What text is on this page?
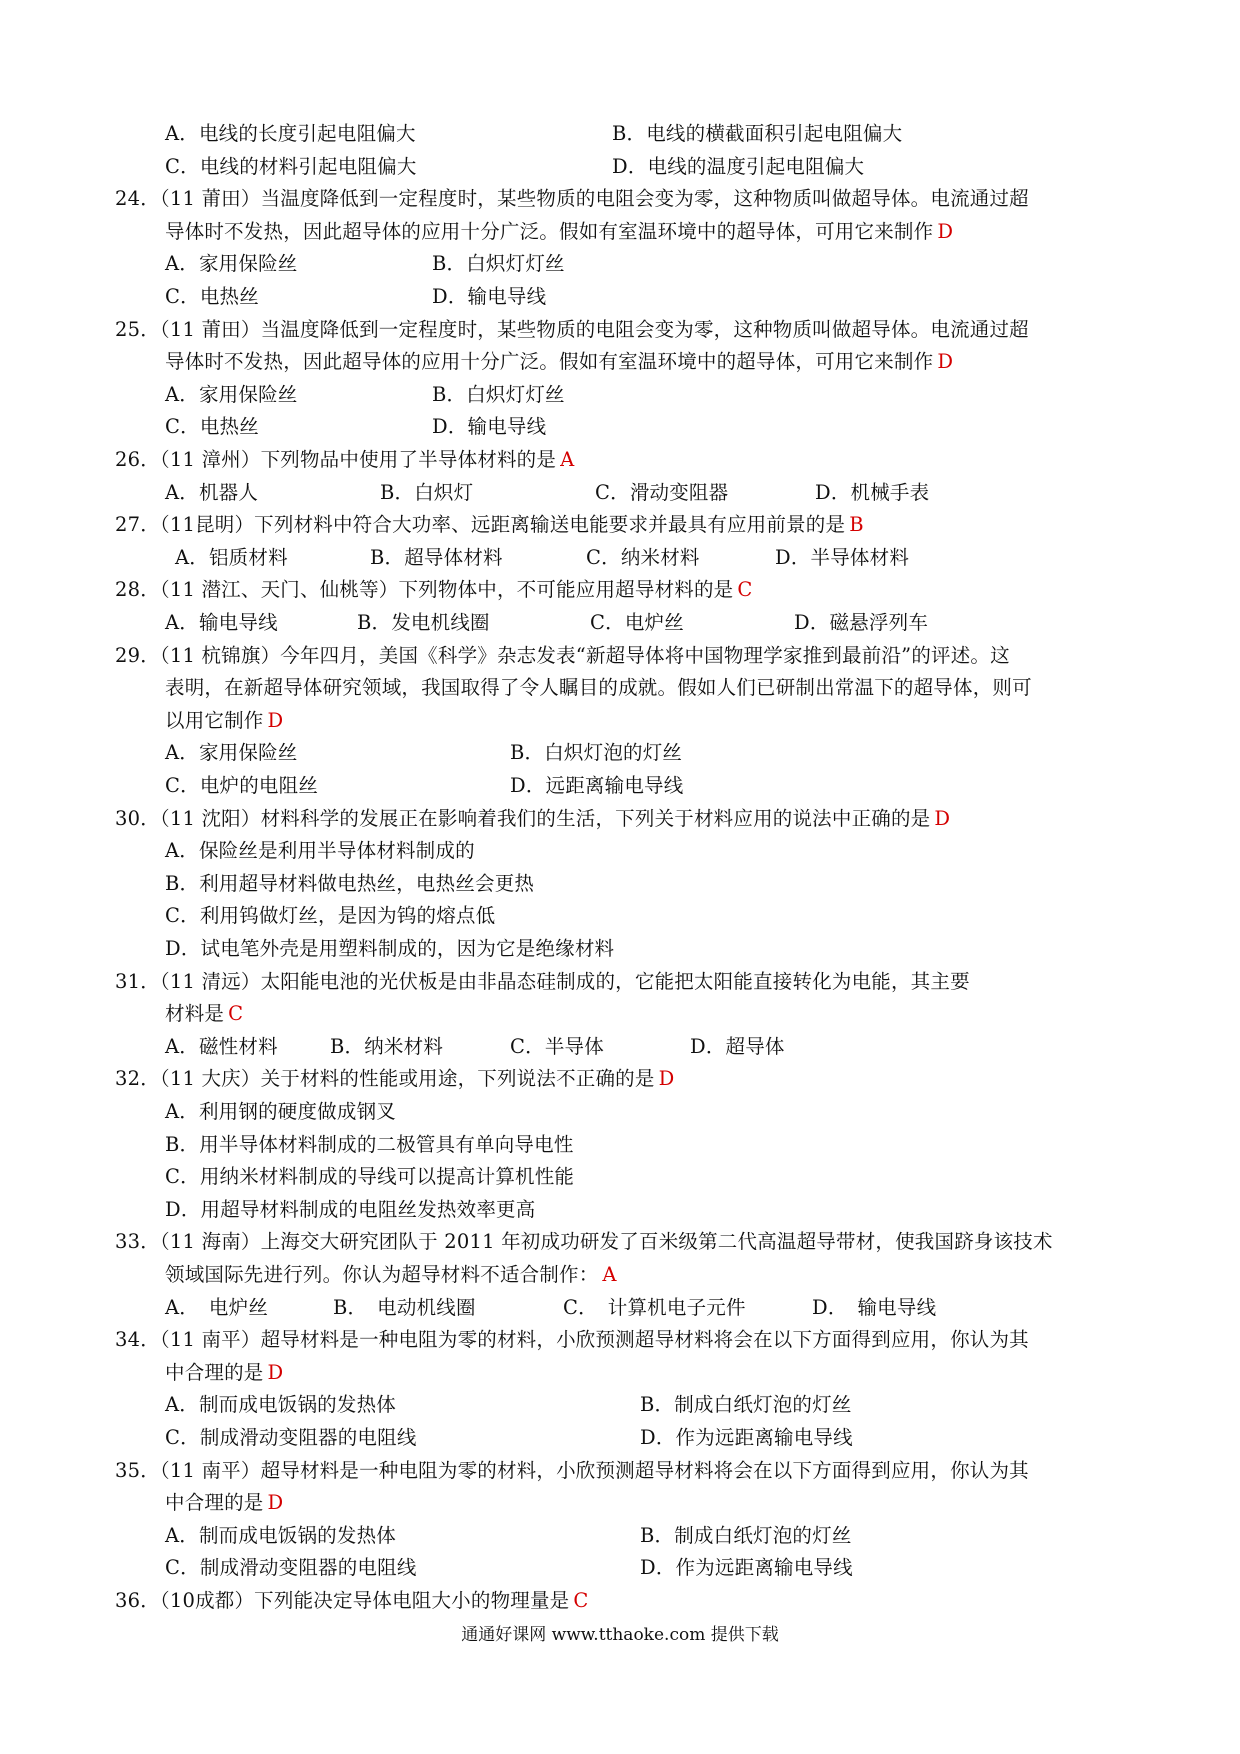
A．电线的长度引起电阻偏大	B．电线的横截面积引起电阻偏大
C．电线的材料引起电阻偏大	D．电线的温度引起电阻偏大
24．（11 莆田）当温度降低到一定程度时，某些物质的电阻会变为零，这种物质叫做超导体。电流通过超
导体时不发热，因此超导体的应用十分广泛。假如有室温环境中的超导体，可用它来制作 D
A．家用保险丝	B．白炽灯灯丝
C．电热丝	D．输电导线
25．（11 莆田）当温度降低到一定程度时，某些物质的电阻会变为零，这种物质叫做超导体。电流通过超
导体时不发热，因此超导体的应用十分广泛。假如有室温环境中的超导体，可用它来制作 D
A．家用保险丝	B．白炽灯灯丝
C．电热丝	D．输电导线
26．（11 漳州）下列物品中使用了半导体材料的是 A
A．机器人	B．白炽灯	C．滑动变阻器	D．机械手表
27．（11昆明）下列材料中符合大功率、远距离输送电能要求并最具有应用前景的是 B
A．铝质材料	B．超导体材料	C．纳米材料	D．半导体材料
28．（11 潜江、天门、仙桃等）下列物体中，不可能应用超导材料的是 C
A．输电导线	B．发电机线圈	C．电炉丝	D．磁悬浮列车
29．（11 杭锦旗）今年四月，美国《科学》杂志发表“新超导体将中国物理学家推到最前沿”的评述。这
表明，在新超导体研究领域，我国取得了令人瞩目的成就。假如人们已研制出常温下的超导体，则可
以用它制作 D
A．家用保险丝	B．白炽灯泡的灯丝
C．电炉的电阻丝	D．远距离输电导线
30．（11 沈阳）材料科学的发展正在影响着我们的生活，下列关于材料应用的说法中正确的是 D
A．保险丝是利用半导体材料制成的
B．利用超导材料做电热丝，电热丝会更热
C．利用钨做灯丝，是因为钨的熔点低
D．试电笔外壳是用塑料制成的，因为它是绝缘材料
31．（11 清远）太阳能电池的光伏板是由非晶态硅制成的，它能把太阳能直接转化为电能，其主要
材料是 C
A．磁性材料	B．纳米材料	C．半导体	D．超导体
32．（11 大庆）关于材料的性能或用途，下列说法不正确的是 D
A．利用钢的硬度做成钢叉
B．用半导体材料制成的二极管具有单向导电性
C．用纳米材料制成的导线可以提高计算机性能
D．用超导材料制成的电阻丝发热效率更高
33．（11 海南）上海交大研究团队于 2011 年初成功研发了百米级第二代高温超导带材，使我国跻身该技术
领域国际先进行列。你认为超导材料不适合制作： A
A．　电炉丝	B．　电动机线圈	C．　计算机电子元件	D．　输电导线
34．（11 南平）超导材料是一种电阻为零的材料，小欣预测超导材料将会在以下方面得到应用，你认为其
中合理的是 D
A．制而成电饭锅的发热体	B．制成白纸灯泡的灯丝
C．制成滑动变阻器的电阻线	D．作为远距离输电导线
35．（11 南平）超导材料是一种电阻为零的材料，小欣预测超导材料将会在以下方面得到应用，你认为其
中合理的是 D
A．制而成电饭锅的发热体	B．制成白纸灯泡的灯丝
C．制成滑动变阻器的电阻线	D．作为远距离输电导线
36．（10成都）下列能决定导体电阻大小的物理量是 C
通通好课网 www.tthaoke.com 提供下载
